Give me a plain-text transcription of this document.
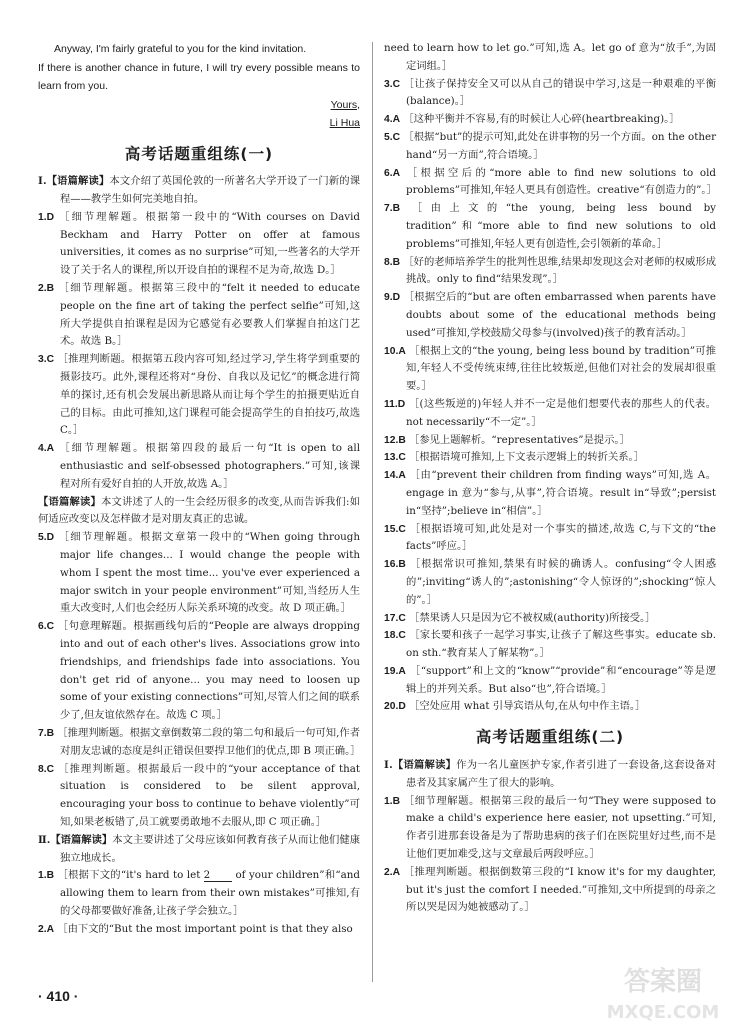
Anyway, I'm fairly grateful to you for the kind invitation.

If there is another chance in future, I will try every possible means to learn from you.

Yours,
Li Hua
高考话题重组练(一)

Ⅰ.【语篇解读】本文介绍了英国伦敦的一所著名大学开设了一门新的课程——教学生如何完美地自拍。

1.D ［细节理解题。根据第一段中的“With courses on David Beckham and Harry Potter on offer at famous universities, it comes as no surprise”可知,一些著名的大学开设了关于名人的课程,所以开设自拍的课程不足为奇,故选 D。］

2.B ［细节理解题。根据第三段中的“felt it needed to educate people on the fine art of taking the perfect selfie”可知,这所大学提供自拍课程是因为它感觉有必要教人们掌握自拍这门艺术。故选 B。］

3.C ［推理判断题。根据第五段内容可知,经过学习,学生将学到重要的摄影技巧。此外,课程还将对“身份、自我以及记忆”的概念进行简单的探讨,还有机会发展出新思路从而让每个学生的拍摄更贴近自己的目标。由此可推知,这门课程可能会提高学生的自拍技巧,故选 C。］

4.A ［细节理解题。根据第四段的最后一句“It is open to all enthusiastic and self-obsessed photographers.”可知,该课程对所有爱好自拍的人开放,故选 A。］

【语篇解读】本文讲述了人的一生会经历很多的改变,从而告诉我们:如何适应改变以及怎样做才是对朋友真正的忠诚。

5.D ［细节理解题。根据文章第一段中的“When going through major life changes... I would change the people with whom I spent the most time... you've ever experienced a major switch in your people environment”可知,当经历人生重大改变时,人们也会经历人际关系环境的改变。故 D 项正确。］

6.C ［句意理解题。根据画线句后的“People are always dropping into and out of each other's lives. Associations grow into friendships, and friendships fade into associations. You don't get rid of anyone... you may need to loosen up some of your existing connections”可知,尽管人们之间的联系少了,但友谊依然存在。故选 C 项。］

7.B ［推理判断题。根据文章倒数第二段的第二句和最后一句可知,作者对朋友忠诚的态度是纠正错误但要捍卫他们的优点,即 B 项正确。］

8.C ［推理判断题。根据最后一段中的“your acceptance of that situation is considered to be silent approval, encouraging your boss to continue to behave violently”可知,如果老板错了,员工就要勇敢地不去服从,即 C 项正确。］

Ⅱ.【语篇解读】本文主要讲述了父母应该如何教育孩子从而让他们健康独立地成长。

1.B ［根据下文的“it's hard to let 2 of your children”和“and allowing them to learn from their own mistakes”可推知,有的父母都要做好准备,让孩子学会独立。］

2.A ［由下文的“But the most important point is that they also

need to learn how to let go.”可知,选 A。let go of 意为“放手”,为固定词组。］

3.C ［让孩子保持安全又可以从自己的错误中学习,这是一种艰难的平衡(balance)。］

4.A ［这种平衡并不容易,有的时候让人心碎(heartbreaking)。］

5.C ［根据“but”的提示可知,此处在讲事物的另一个方面。on the other hand“另一方面”,符合语境。］

6.A ［根据空后的“more able to find new solutions to old problems”可推知,年轻人更具有创造性。creative“有创造力的”。］

7.B ［由上文的“the young, being less bound by tradition”和“more able to find new solutions to old problems”可推知,年轻人更有创造性,会引领新的革命。］

8.B ［好的老师培养学生的批判性思维,结果却发现这会对老师的权威形成挑战。only to find“结果发现”。］

9.D ［根据空后的“but are often embarrassed when parents have doubts about some of the educational methods being used”可推知,学校鼓励父母参与(involved)孩子的教育活动。］

10.A ［根据上文的“the young, being less bound by tradition”可推知,年轻人不受传统束缚,往往比较叛逆,但他们对社会的发展却很重要。］

11.D ［(这些叛逆的)年轻人并不一定是他们想要代表的那些人的代表。not necessarily“不一定”。］

12.B ［参见上题解析。“representatives”是提示。］

13.C ［根据语境可推知,上下文表示逻辑上的转折关系。］

14.A ［由“prevent their children from finding ways”可知,选 A。engage in 意为“参与,从事”,符合语境。result in“导致”;persist in“坚持”;believe in“相信”。］

15.C ［根据语境可知,此处是对一个事实的描述,故选 C,与下文的“the facts”呼应。］

16.B ［根据常识可推知,禁果有时候的确诱人。confusing“令人困惑的”;inviting“诱人的”;astonishing“令人惊讶的”;shocking“惊人的”。］

17.C ［禁果诱人只是因为它不被权威(authority)所接受。］

18.C ［家长要和孩子一起学习事实,让孩子了解这些事实。educate sb. on sth.“教育某人了解某物”。］

19.A ［“support”和上文的“know”“provide”和“encourage”等是逻辑上的并列关系。But also“也”,符合语境。］

20.D ［空处应用 what 引导宾语从句,在从句中作主语。］

高考话题重组练(二)

Ⅰ.【语篇解读】作为一名儿童医护专家,作者引进了一套设备,这套设备对患者及其家属产生了很大的影响。

1.B ［细节理解题。根据第三段的最后一句“They were supposed to make a child's experience here easier, not upsetting.”可知,作者引进那套设备是为了帮助患病的孩子们在医院里好过些,而不是让他们更加难受,这与文章最后两段呼应。］

2.A ［推理判断题。根据倒数第三段的“I know it's for my daughter, but it's just the comfort I needed.”可推知,文中所提到的母亲之所以哭是因为她被感动了。］

· 410 ·	答案圈
MXQE.COM
